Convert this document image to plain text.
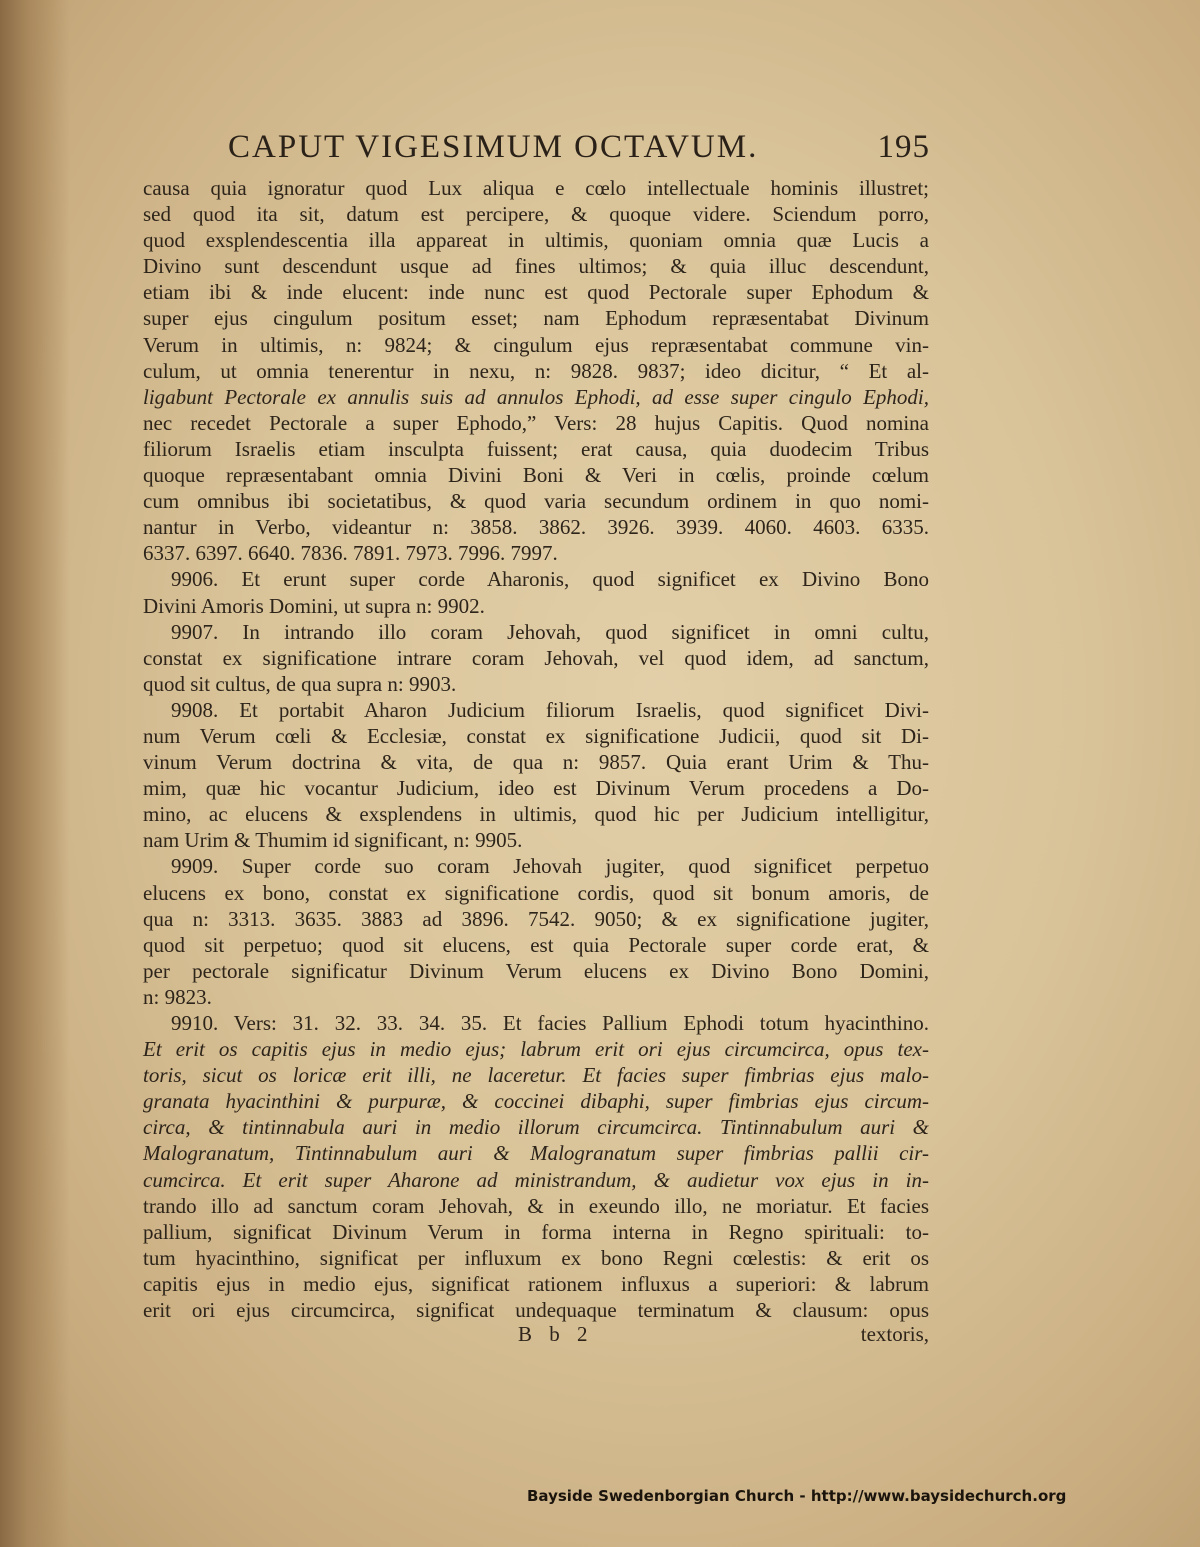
CAPUT VIGESIMUM OCTAVUM.	195
causa quia ignoratur quod Lux aliqua e cœlo intellectuale hominis illustret;
sed quod ita sit, datum est percipere, & quoque videre. Sciendum porro,
quod exsplendescentia illa appareat in ultimis, quoniam omnia quæ Lucis a
Divino sunt descendunt usque ad fines ultimos; & quia illuc descendunt,
etiam ibi & inde elucent: inde nunc est quod Pectorale super Ephodum &
super ejus cingulum positum esset; nam Ephodum repræsentabat Divinum
Verum in ultimis, n: 9824; & cingulum ejus repræsentabat commune vin-
culum, ut omnia tenerentur in nexu, n: 9828. 9837; ideo dicitur, “ Et al-
ligabunt Pectorale ex annulis suis ad annulos Ephodi, ad esse super cingulo Ephodi,
nec recedet Pectorale a super Ephodo,” Vers: 28 hujus Capitis. Quod nomina
filiorum Israelis etiam insculpta fuissent; erat causa, quia duodecim Tribus
quoque repræsentabant omnia Divini Boni & Veri in cœlis, proinde cœlum
cum omnibus ibi societatibus, & quod varia secundum ordinem in quo nomi-
nantur in Verbo, videantur n: 3858. 3862. 3926. 3939. 4060. 4603. 6335.
6337. 6397. 6640. 7836. 7891. 7973. 7996. 7997.
9906. Et erunt super corde Aharonis, quod significet ex Divino Bono
Divini Amoris Domini, ut supra n: 9902.
9907. In intrando illo coram Jehovah, quod significet in omni cultu,
constat ex significatione intrare coram Jehovah, vel quod idem, ad sanctum,
quod sit cultus, de qua supra n: 9903.
9908. Et portabit Aharon Judicium filiorum Israelis, quod significet Divi-
num Verum cœli & Ecclesiæ, constat ex significatione Judicii, quod sit Di-
vinum Verum doctrina & vita, de qua n: 9857. Quia erant Urim & Thu-
mim, quæ hic vocantur Judicium, ideo est Divinum Verum procedens a Do-
mino, ac elucens & exsplendens in ultimis, quod hic per Judicium intelligitur,
nam Urim & Thumim id significant, n: 9905.
9909. Super corde suo coram Jehovah jugiter, quod significet perpetuo
elucens ex bono, constat ex significatione cordis, quod sit bonum amoris, de
qua n: 3313. 3635. 3883 ad 3896. 7542. 9050; & ex significatione jugiter,
quod sit perpetuo; quod sit elucens, est quia Pectorale super corde erat, &
per pectorale significatur Divinum Verum elucens ex Divino Bono Domini,
n: 9823.
9910. Vers: 31. 32. 33. 34. 35. Et facies Pallium Ephodi totum hyacinthino.
Et erit os capitis ejus in medio ejus; labrum erit ori ejus circumcirca, opus tex-
toris, sicut os loricæ erit illi, ne laceretur. Et facies super fimbrias ejus malo-
granata hyacinthini & purpuræ, & coccinei dibaphi, super fimbrias ejus circum-
circa, & tintinnabula auri in medio illorum circumcirca. Tintinnabulum auri &
Malogranatum, Tintinnabulum auri & Malogranatum super fimbrias pallii cir-
cumcirca. Et erit super Aharone ad ministrandum, & audietur vox ejus in in-
trando illo ad sanctum coram Jehovah, & in exeundo illo, ne moriatur. Et facies
pallium, significat Divinum Verum in forma interna in Regno spirituali: to-
tum hyacinthino, significat per influxum ex bono Regni cœlestis: & erit os
capitis ejus in medio ejus, significat rationem influxus a superiori: & labrum
erit ori ejus circumcirca, significat undequaque terminatum & clausum: opus
B b 2	textoris,
Bayside Swedenborgian Church - http://www.baysidechurch.org
